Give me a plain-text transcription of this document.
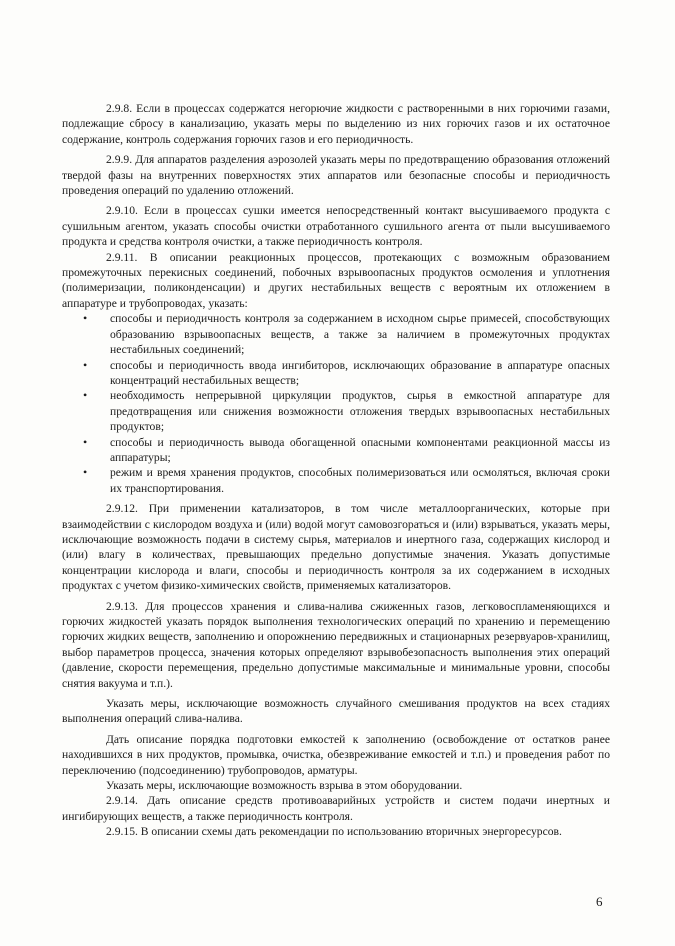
2.9.8. Если в процессах содержатся негорючие жидкости с растворенными в них горючими газами, подлежащие сбросу в канализацию, указать меры по выделению из них горючих газов и их остаточное содержание, контроль содержания горючих газов и его периодичность.

2.9.9. Для аппаратов разделения аэрозолей указать меры по предотвращению образования отложений твердой фазы на внутренних поверхностях этих аппаратов или безопасные способы и периодичность проведения операций по удалению отложений.

2.9.10. Если в процессах сушки имеется непосредственный контакт высушиваемого продукта с сушильным агентом, указать способы очистки отработанного сушильного агента от пыли высушиваемого продукта и средства контроля очистки, а также периодичность контроля.

2.9.11. В описании реакционных процессов, протекающих с возможным образованием промежуточных перекисных соединений, побочных взрывоопасных продуктов осмоления и уплотнения (полимеризации, поликонденсации) и других нестабильных веществ с вероятным их отложением в аппаратуре и трубопроводах, указать:

• способы и периодичность контроля за содержанием в исходном сырье примесей, способствующих образованию взрывоопасных веществ, а также за наличием в промежуточных продуктах нестабильных соединений;
• способы и периодичность ввода ингибиторов, исключающих образование в аппаратуре опасных концентраций нестабильных веществ;
• необходимость непрерывной циркуляции продуктов, сырья в емкостной аппаратуре для предотвращения или снижения возможности отложения твердых взрывоопасных нестабильных продуктов;
• способы и периодичность вывода обогащенной опасными компонентами реакционной массы из аппаратуры;
• режим и время хранения продуктов, способных полимеризоваться или осмоляться, включая сроки их транспортирования.

2.9.12. При применении катализаторов, в том числе металлоорганических, которые при взаимодействии с кислородом воздуха и (или) водой могут самовозгораться и (или) взрываться, указать меры, исключающие возможность подачи в систему сырья, материалов и инертного газа, содержащих кислород и (или) влагу в количествах, превышающих предельно допустимые значения. Указать допустимые концентрации кислорода и влаги, способы и периодичность контроля за их содержанием в исходных продуктах с учетом физико-химических свойств, применяемых катализаторов.

2.9.13. Для процессов хранения и слива-налива сжиженных газов, легковоспламеняющихся и горючих жидкостей указать порядок выполнения технологических операций по хранению и перемещению горючих жидких веществ, заполнению и опорожнению передвижных и стационарных резервуаров-хранилищ, выбор параметров процесса, значения которых определяют взрывобезопасность выполнения этих операций (давление, скорости перемещения, предельно допустимые максимальные и минимальные уровни, способы снятия вакуума и т.п.).

Указать меры, исключающие возможность случайного смешивания продуктов на всех стадиях выполнения операций слива-налива.

Дать описание порядка подготовки емкостей к заполнению (освобождение от остатков ранее находившихся в них продуктов, промывка, очистка, обезвреживание емкостей и т.п.) и проведения работ по переключению (подсоединению) трубопроводов, арматуры.

Указать меры, исключающие возможность взрыва в этом оборудовании.

2.9.14. Дать описание средств противоаварийных устройств и систем подачи инертных и ингибирующих веществ, а также периодичность контроля.

2.9.15. В описании схемы дать рекомендации по использованию вторичных энергоресурсов.

6
